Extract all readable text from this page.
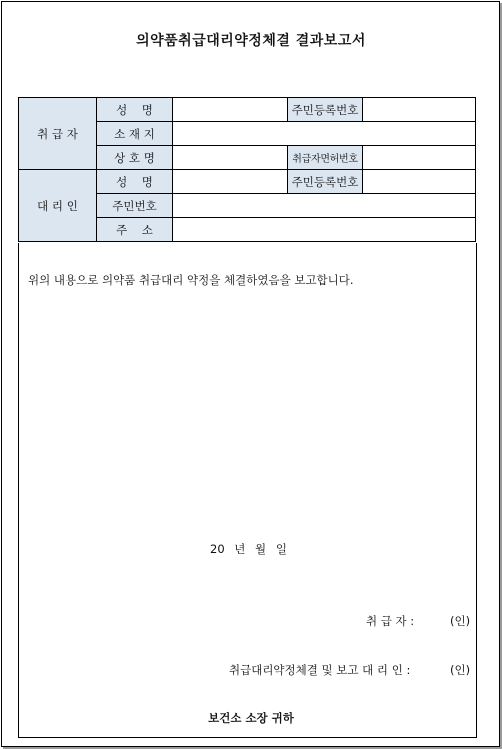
의약품취급대리약정체결 결과보고서
취 급 자	성    명		주민등록번호	
	소 재 지			
	상 호 명		취급자면허번호	
대 리 인	성    명		주민등록번호	
	주민번호			
	주    소			
위의 내용으로 의약품 취급대리 약정을 체결하였음을 보고합니다.
20 년 월 일
취 급 자 :	(인)
취급대리약정체결 및 보고 대 리 인 :	(인)
보건소 소장 귀하
